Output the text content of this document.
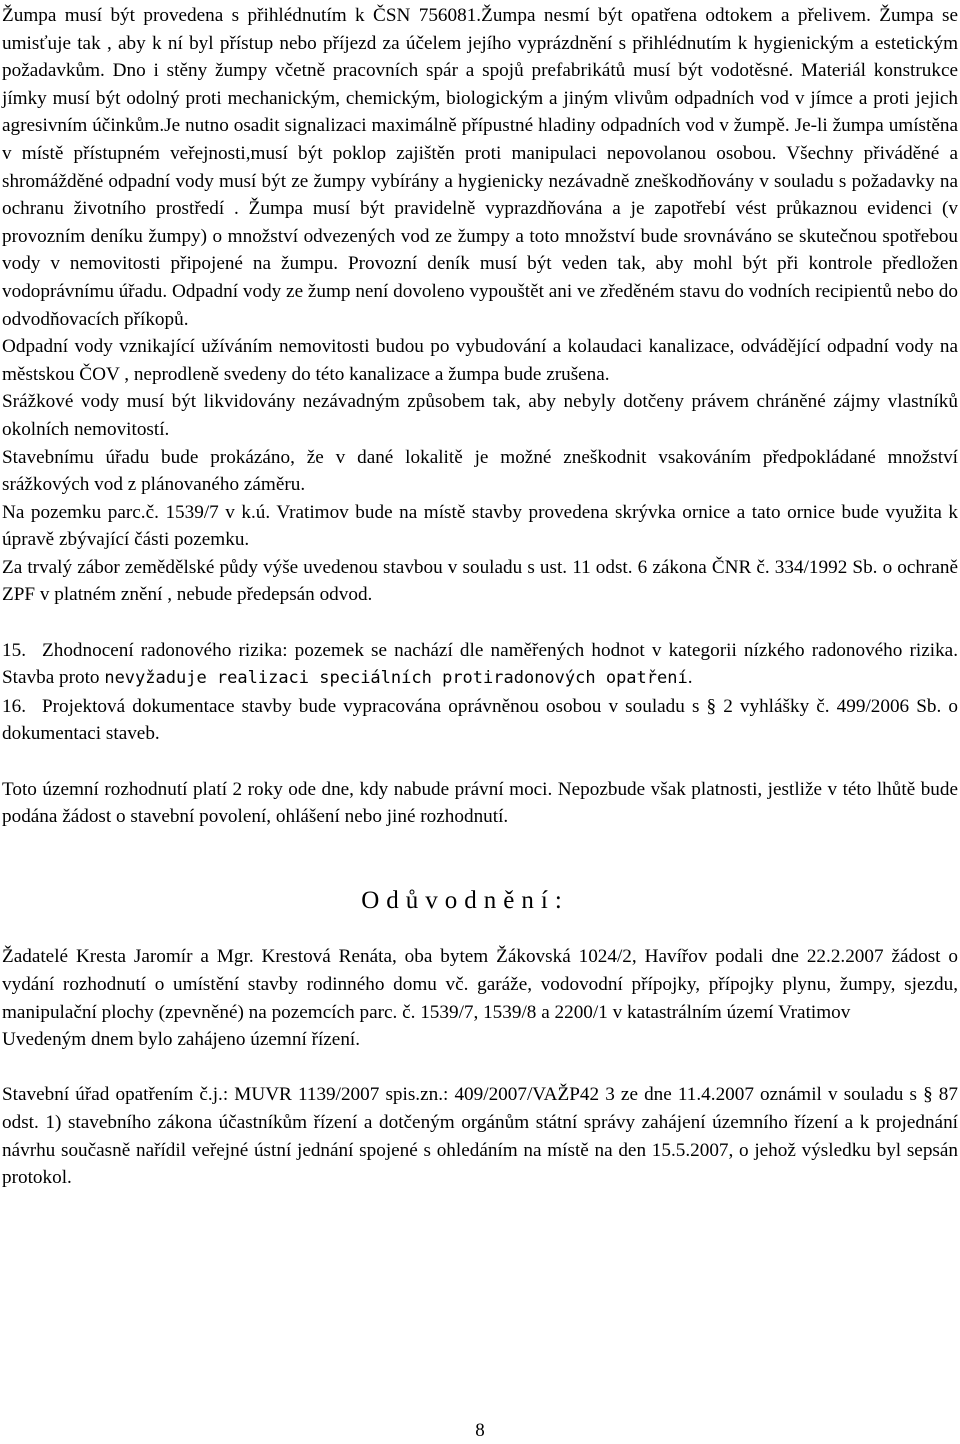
Žumpa musí být provedena s přihlédnutím k ČSN 756081.Žumpa nesmí být opatřena odtokem a přelivem. Žumpa se umisťuje tak , aby k ní byl přístup nebo příjezd za účelem jejího vyprázdnění s přihlédnutím k hygienickým a estetickým požadavkům. Dno i stěny žumpy včetně pracovních spár a spojů prefabrikátů musí být vodotěsné. Materiál konstrukce jímky musí být odolný proti mechanickým, chemickým, biologickým a jiným vlivům odpadních vod v jímce a proti jejich agresivním účinkům.Je nutno osadit signalizaci maximálně přípustné hladiny odpadních vod v žumpě. Je-li žumpa umístěna v místě přístupném veřejnosti,musí být poklop zajištěn proti manipulaci nepovolanou osobou. Všechny přiváděné a shromážděné odpadní vody musí být ze žumpy vybírány a hygienicky nezávadně zneškodňovány v souladu s požadavky na ochranu životního prostředí . Žumpa musí být pravidelně vyprazdňována a je zapotřebí vést průkaznou evidenci (v provozním deníku žumpy) o množství odvezených vod ze žumpy a toto množství bude srovnáváno se skutečnou spotřebou vody v nemovitosti připojené na žumpu. Provozní deník musí být veden tak, aby mohl být při kontrole předložen vodoprávnímu úřadu. Odpadní vody ze žump není dovoleno vypouštět ani ve zředěném stavu do vodních recipientů nebo do odvodňovacích příkopů.

Odpadní vody vznikající užíváním nemovitosti budou po vybudování a kolaudaci kanalizace, odvádějící odpadní vody na městskou ČOV , neprodleně svedeny do této kanalizace a žumpa bude zrušena.

Srážkové vody musí být likvidovány nezávadným způsobem tak, aby nebyly dotčeny právem chráněné zájmy vlastníků okolních nemovitostí.

Stavebnímu úřadu bude prokázáno, že v dané lokalitě je možné zneškodnit vsakováním předpokládané množství srážkových vod z plánovaného záměru.

Na pozemku parc.č. 1539/7 v k.ú. Vratimov bude na místě stavby provedena skrývka ornice a tato ornice bude využita k úpravě zbývající části pozemku.

Za trvalý zábor zemědělské půdy výše uvedenou stavbou v souladu s ust. 11 odst. 6 zákona ČNR č. 334/1992 Sb. o ochraně ZPF v platném znění , nebude předepsán odvod.

15. Zhodnocení radonového rizika: pozemek se nachází dle naměřených hodnot v kategorii nízkého radonového rizika. Stavba proto nevyžaduje realizaci speciálních protiradonových opatření.

16. Projektová dokumentace stavby bude vypracována oprávněnou osobou v souladu s § 2 vyhlášky č. 499/2006 Sb. o dokumentaci staveb.

Toto územní rozhodnutí platí 2 roky ode dne, kdy nabude právní moci. Nepozbude však platnosti, jestliže v této lhůtě bude podána žádost o stavební povolení, ohlášení nebo jiné rozhodnutí.

Odůvodnění:

Žadatelé Kresta Jaromír a Mgr. Krestová Renáta, oba bytem Žákovská 1024/2, Havířov podali dne 22.2.2007 žádost o vydání rozhodnutí o umístění stavby rodinného domu vč. garáže, vodovodní přípojky, přípojky plynu, žumpy, sjezdu, manipulační plochy (zpevněné) na pozemcích parc. č. 1539/7, 1539/8 a 2200/1 v katastrálním území Vratimov

Uvedeným dnem bylo zahájeno územní řízení.

Stavební úřad opatřením č.j.: MUVR 1139/2007 spis.zn.: 409/2007/VAŽP42 3 ze dne 11.4.2007 oznámil v souladu s § 87 odst. 1) stavebního zákona účastníkům řízení a dotčeným orgánům státní správy zahájení územního řízení a k projednání návrhu současně nařídil veřejné ústní jednání spojené s ohledáním na místě na den 15.5.2007, o jehož výsledku byl sepsán protokol.

8
